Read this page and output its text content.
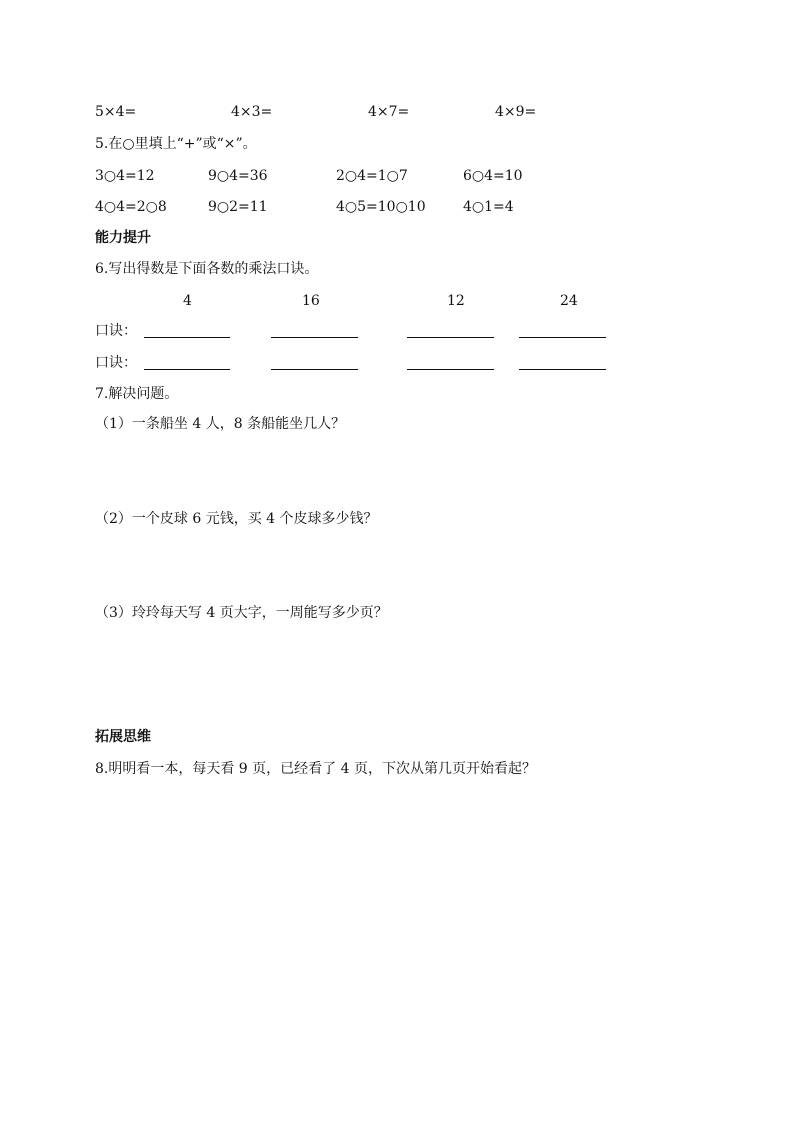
5×4=	4×3=	4×7=	4×9=
5.在○里填上“+”或“×”。
3○4=12	9○4=36	2○4=1○7	6○4=10
4○4=2○8	9○2=11	4○5=10○10	4○1=4
能力提升
6.写出得数是下面各数的乘法口诀。
4	16	12	24
口诀：
口诀：
7.解决问题。
（1）一条船坐 4 人，8 条船能坐几人？
（2）一个皮球 6 元钱，买 4 个皮球多少钱？
（3）玲玲每天写 4 页大字，一周能写多少页？
拓展思维
8.明明看一本，每天看 9 页，已经看了 4 页，下次从第几页开始看起？
